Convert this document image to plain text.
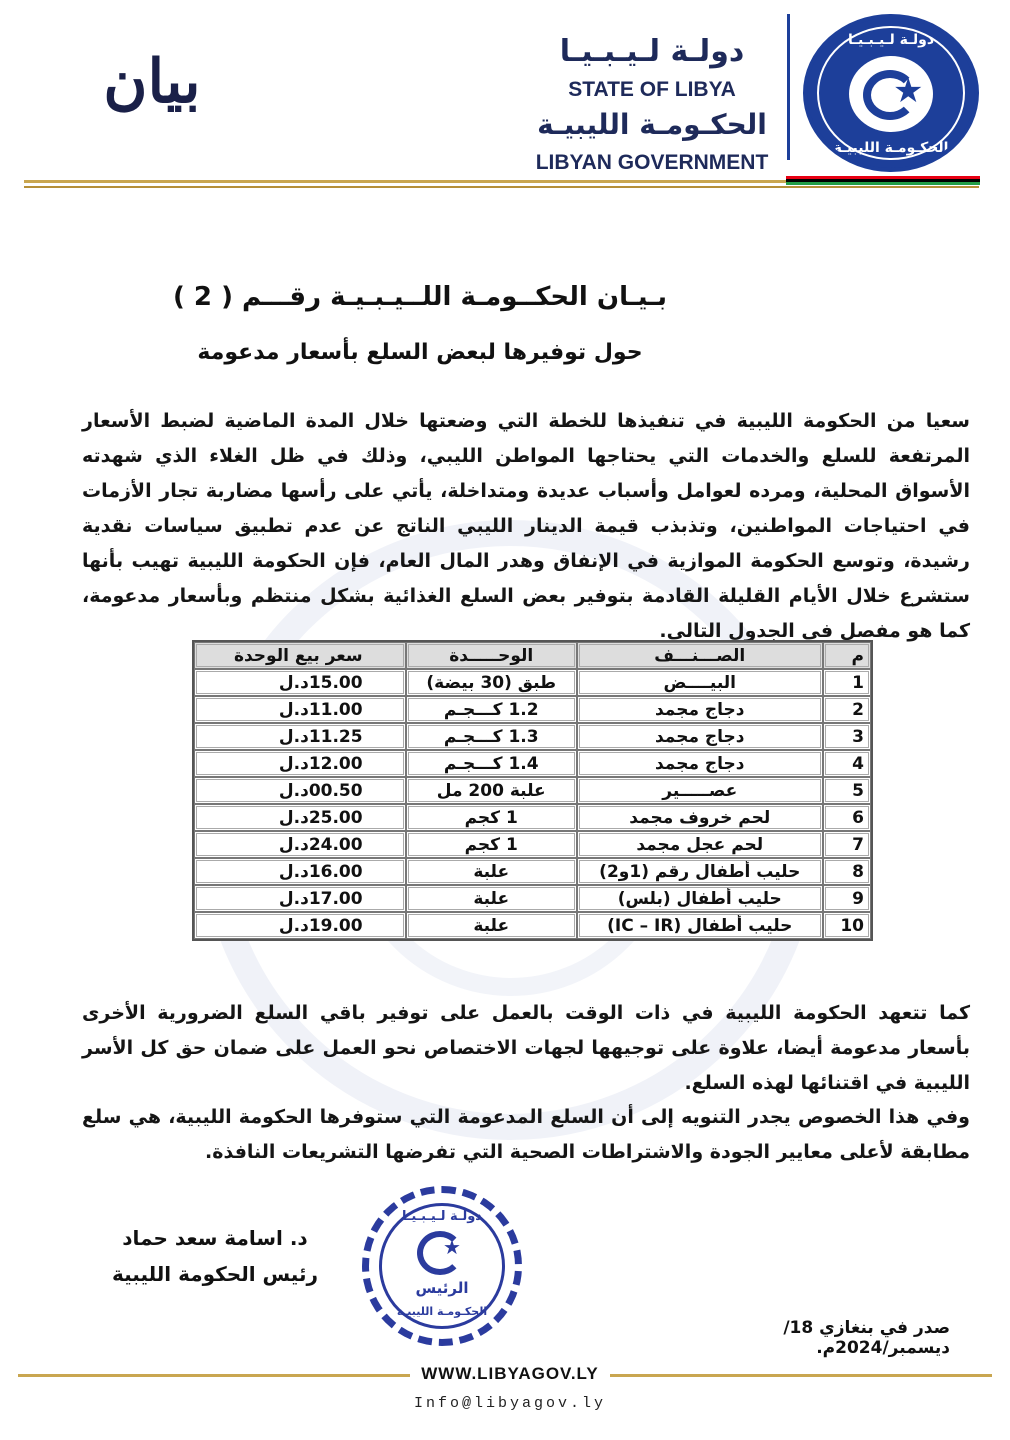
دولـة لـيـبـيـا
★
الحكـومـة الليبيـة
دولـة لـيـبـيـا
STATE OF LIBYA
الحكـومـة الليبيـة
LIBYAN GOVERNMENT
بيان
بـيـان الحكــومـة اللــيـبـيـة رقـــم ( 2 )
حول توفيرها لبعض السلع بأسعار مدعومة
سعيا من الحكومة الليبية في تنفيذها للخطة التي وضعتها خلال المدة الماضية لضبط الأسعار المرتفعة للسلع والخدمات التي يحتاجها المواطن الليبي، وذلك في ظل الغلاء الذي شهدته الأسواق المحلية، ومرده لعوامل وأسباب عديدة ومتداخلة، يأتي على رأسها مضاربة تجار الأزمات في احتياجات المواطنين، وتذبذب قيمة الدينار الليبي الناتج عن عدم تطبيق سياسات نقدية رشيدة، وتوسع الحكومة الموازية في الإنفاق وهدر المال العام، فإن الحكومة الليبية تهيب بأنها ستشرع خلال الأيام القليلة القادمة بتوفير بعض السلع الغذائية بشكل منتظم وبأسعار مدعومة، كما هو مفصل في الجدول التالي.
م	الصـــنـــف	الوحـــــدة	سعر بيع الوحدة
1	البيــــض	طبق (30 بيضة)	15.00د.ل
2	دجاج مجمد	1.2 كـــجـم	11.00د.ل
3	دجاج مجمد	1.3 كـــجـم	11.25د.ل
4	دجاج مجمد	1.4 كـــجـم	12.00د.ل
5	عصـــــير	علبة 200 مل	00.50د.ل
6	لحم خروف مجمد	1 كجم	25.00د.ل
7	لحم عجل مجمد	1 كجم	24.00د.ل
8	حليب أطفال رقم (1و2)	علبة	16.00د.ل
9	حليب أطفال (بلس)	علبة	17.00د.ل
10	حليب أطفال (IC – IR)	علبة	19.00د.ل
كما تتعهد الحكومة الليبية في ذات الوقت بالعمل على توفير باقي السلع الضرورية الأخرى بأسعار مدعومة أيضا، علاوة على توجيهها لجهات الاختصاص نحو العمل على ضمان حق كل الأسر الليبية في اقتنائها لهذه السلع.
وفي هذا الخصوص يجدر التنويه إلى أن السلع المدعومة التي ستوفرها الحكومة الليبية، هي سلع مطابقة لأعلى معايير الجودة والاشتراطات الصحية التي تفرضها التشريعات النافذة.
د. اسامة سعد حماد
رئيس الحكومة الليبية
دولـة لـيـبـيـا
★
الرئيس
الحكـومـة الليبيـة
صدر في بنغازي 18/ ديسمبر/2024م.
WWW.LIBYAGOV.LY
Info@libyagov.ly
